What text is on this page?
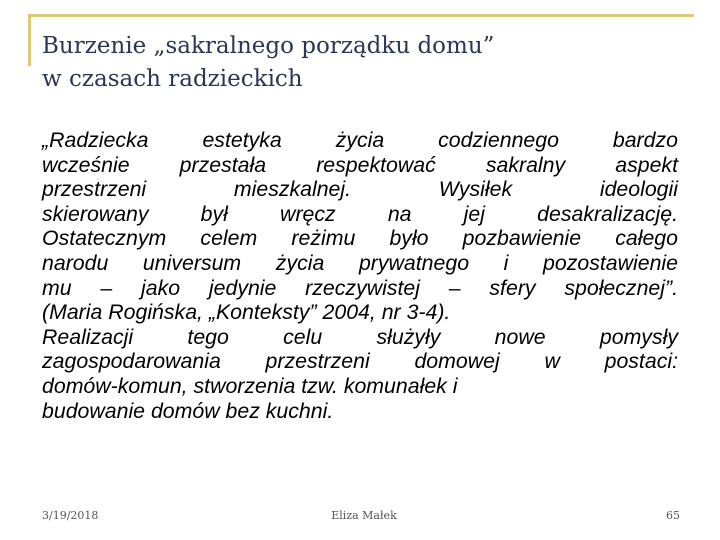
Burzenie „sakralnego porządku domu”
w czasach radzieckich
„Radziecka estetyka życia codziennego bardzo
wcześnie przestała respektować sakralny aspekt
przestrzeni mieszkalnej. Wysiłek ideologii
skierowany był wręcz na jej desakralizację.
Ostatecznym celem reżimu było pozbawienie całego
narodu universum życia prywatnego i pozostawienie
mu – jako jedynie rzeczywistej – sfery społecznej”.
(Maria Rogińska, „Konteksty” 2004, nr 3-4).
Realizacji tego celu służyły nowe pomysły
zagospodarowania przestrzeni domowej w postaci:
domów-komun, stworzenia tzw. komunałek i
budowanie domów bez kuchni.
3/19/2018	Eliza Małek	65
